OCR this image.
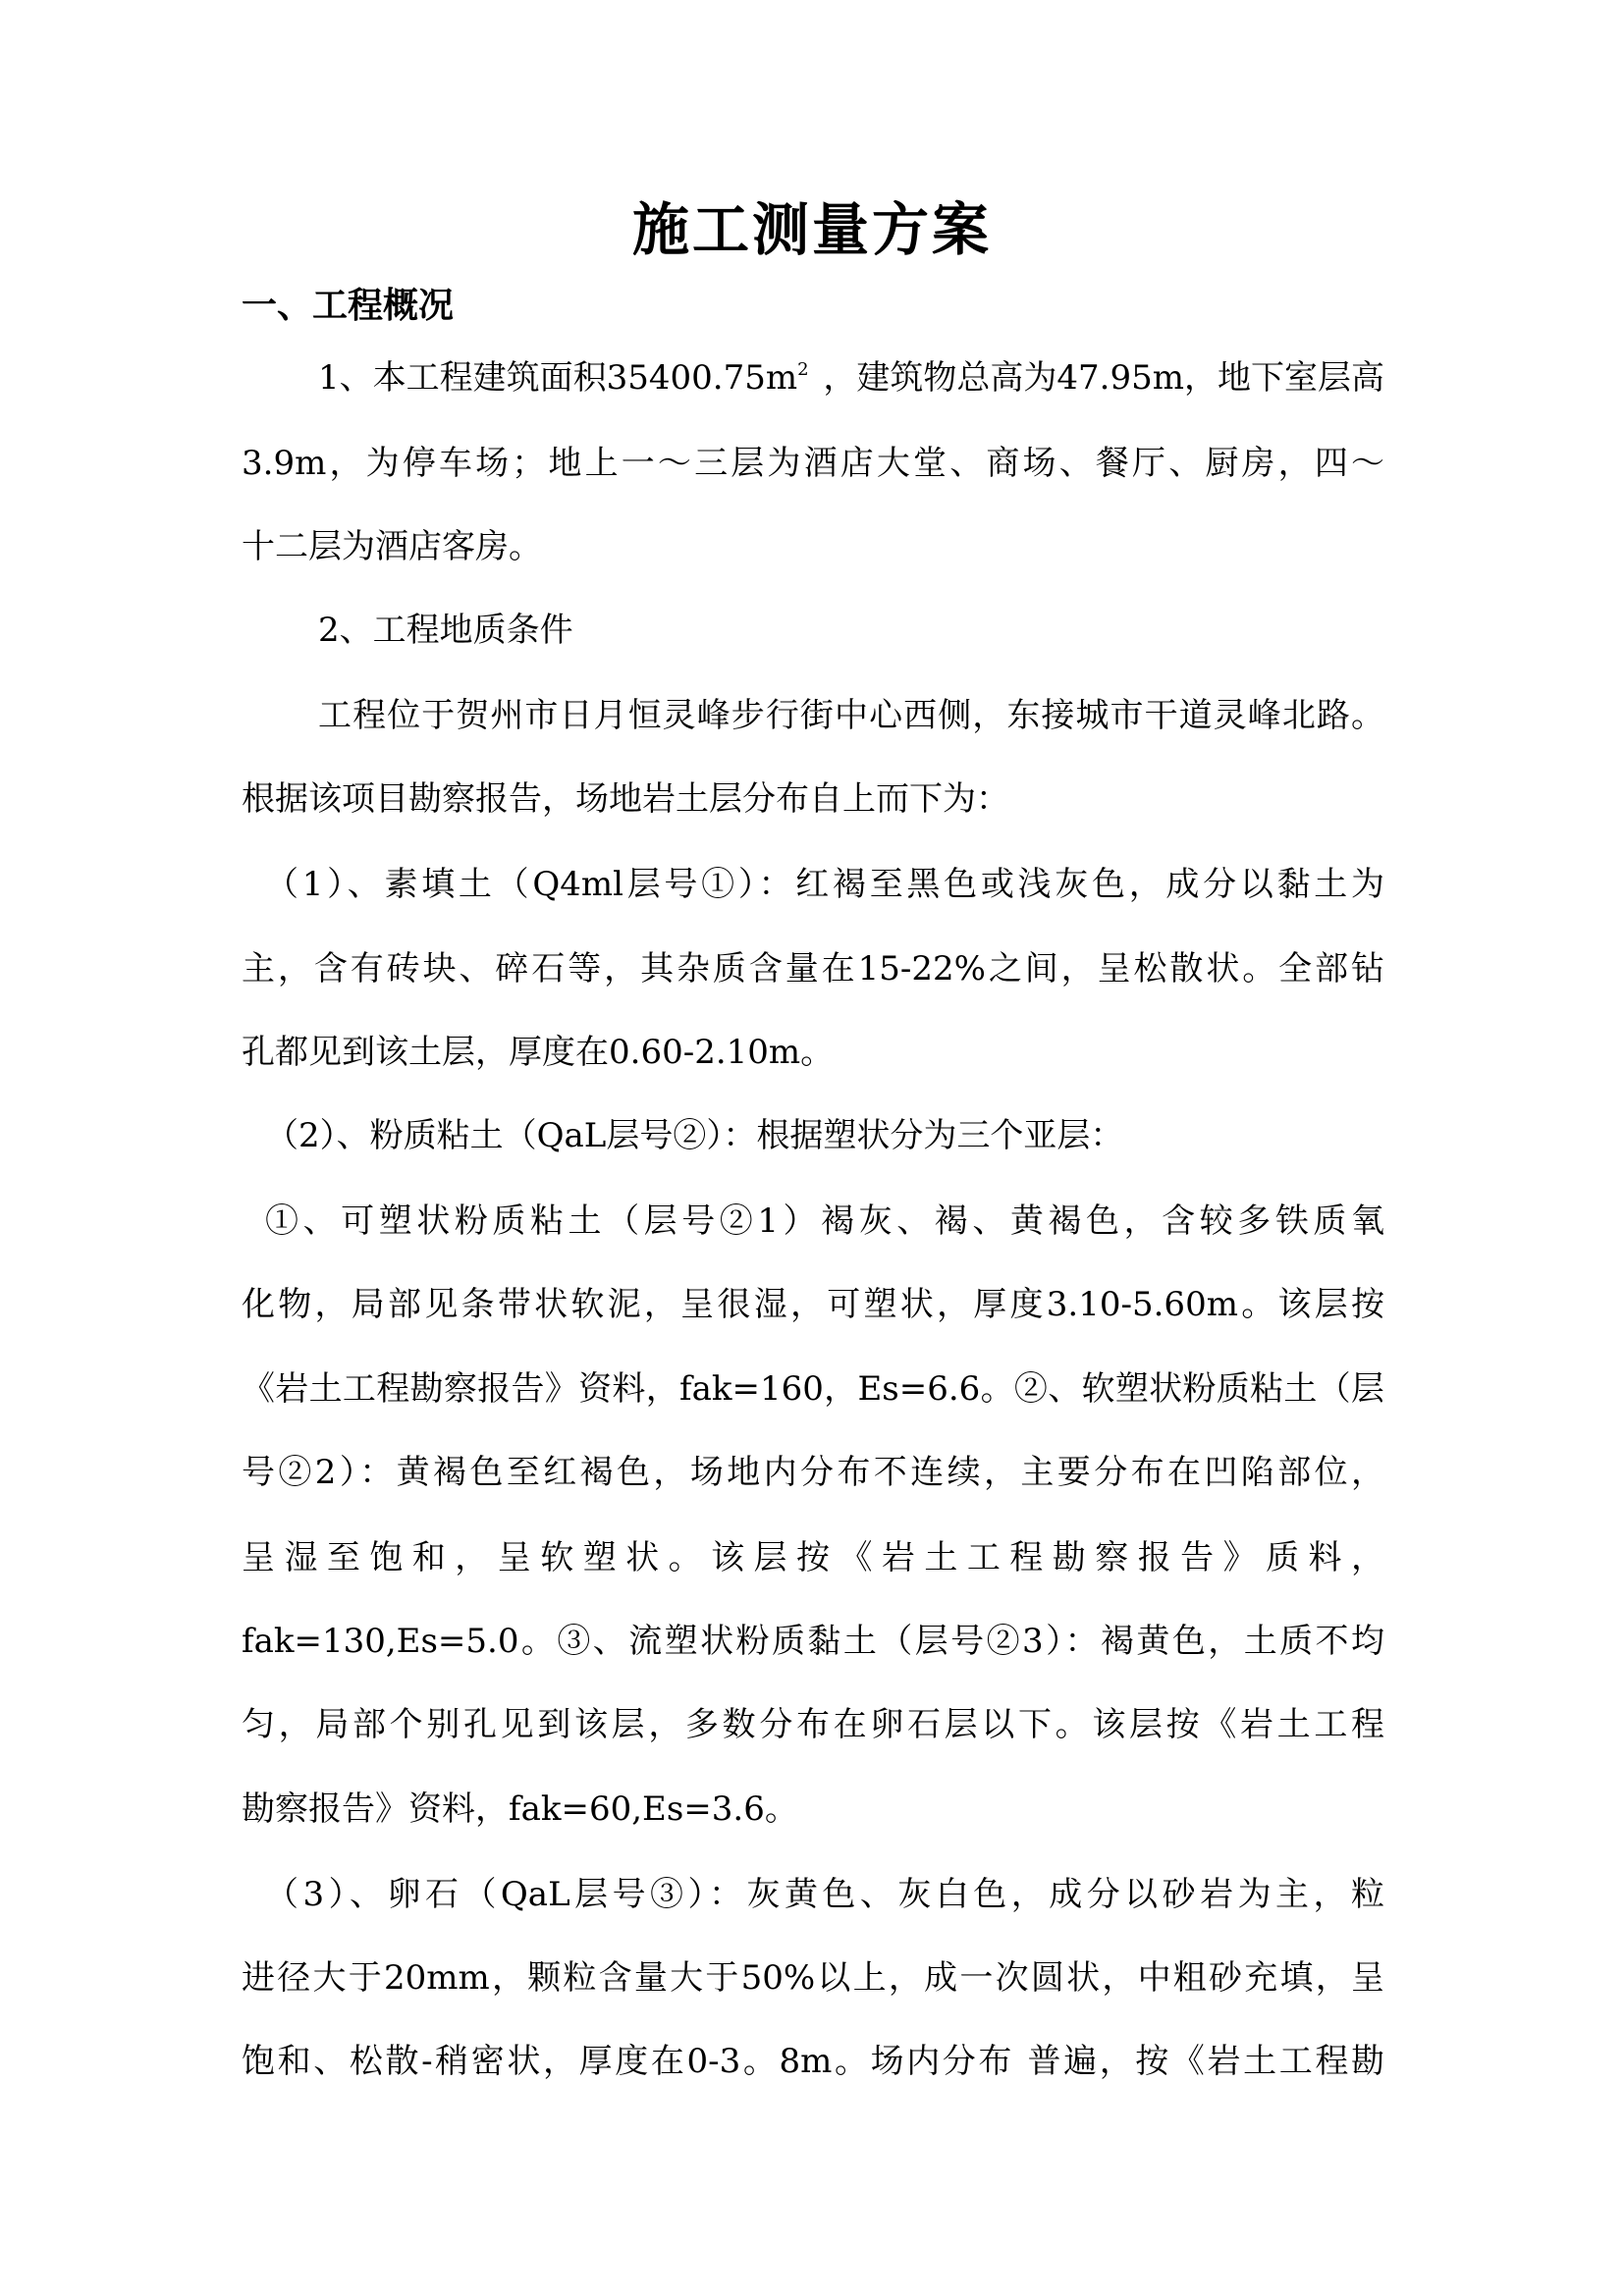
施工测量方案
一、工程概况
1、本工程建筑面积$35400.75m^2$ ，建筑物总高为47.95m，地下室层高
3.9m，为停车场；地上一～三层为酒店大堂、商场、餐厅、厨房，四～
十二层为酒店客房。
2、工程地质条件
工程位于贺州市日月恒灵峰步行街中心西侧，东接城市干道灵峰北路。
根据该项目勘察报告，场地岩土层分布自上而下为：
（1）、素填土（Q4ml层号①）：红褐至黑色或浅灰色，成分以黏土为
主，含有砖块、碎石等，其杂质含量在15-22%之间，呈松散状。全部钻
孔都见到该土层，厚度在0.60-2.10m。
（2）、粉质粘土（QaL层号②）：根据塑状分为三个亚层：
①、可塑状粉质粘土（层号②1）褐灰、褐、黄褐色，含较多铁质氧
化物，局部见条带状软泥，呈很湿，可塑状，厚度3.10-5.60m。该层按
《岩土工程勘察报告》资料，fak=160，Es=6.6。②、软塑状粉质粘土（层
号②2）：黄褐色至红褐色，场地内分布不连续，主要分布在凹陷部位，
呈湿至饱和，呈软塑状。该层按《岩土工程勘察报告》质料，
fak=130,Es=5.0。③、流塑状粉质黏土（层号②3）：褐黄色，土质不均
匀，局部个别孔见到该层，多数分布在卵石层以下。该层按《岩土工程
勘察报告》资料，fak=60,Es=3.6。
（3）、卵石（QaL层号③）：灰黄色、灰白色，成分以砂岩为主，粒
进径大于20mm，颗粒含量大于50%以上，成一次圆状，中粗砂充填，呈
饱和、松散-稍密状，厚度在0-3。8m。场内分布 普遍，按《岩土工程勘
